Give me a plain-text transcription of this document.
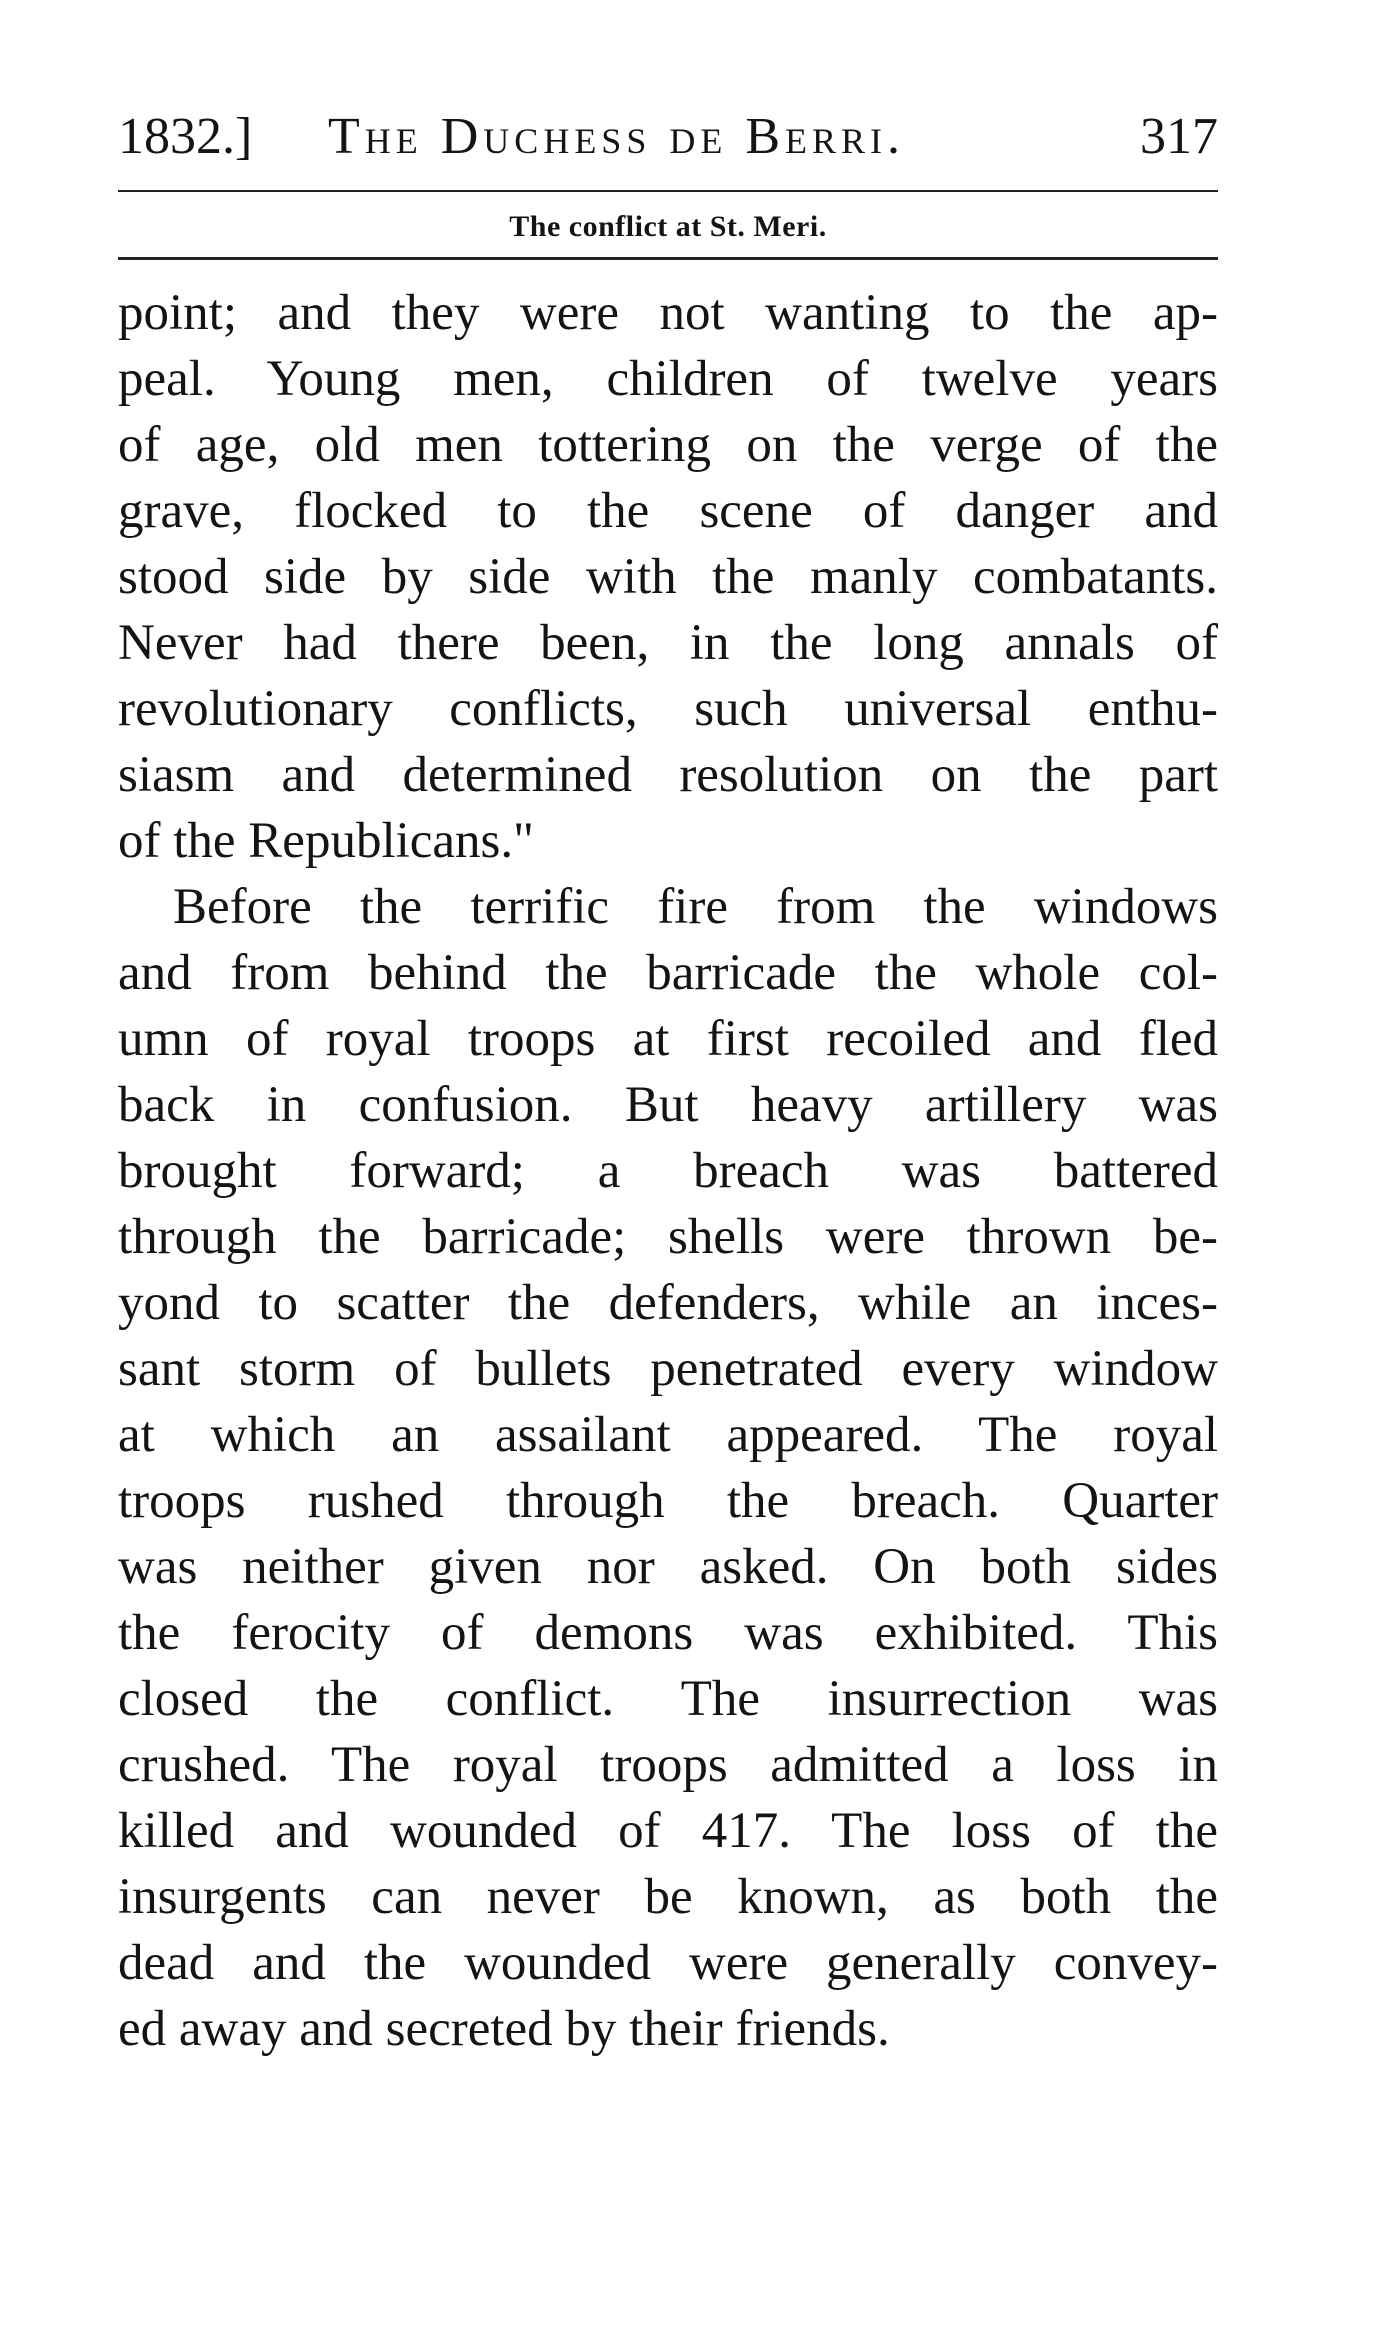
1832.] The Duchess de Berri.	317
The conflict at St. Meri.
point; and they were not wanting to the ap-
peal. Young men, children of twelve years
of age, old men tottering on the verge of the
grave, flocked to the scene of danger and
stood side by side with the manly combatants.
Never had there been, in the long annals of
revolutionary conflicts, such universal enthu-
siasm and determined resolution on the part
of the Republicans."
Before the terrific fire from the windows
and from behind the barricade the whole col-
umn of royal troops at first recoiled and fled
back in confusion. But heavy artillery was
brought forward; a breach was battered
through the barricade; shells were thrown be-
yond to scatter the defenders, while an inces-
sant storm of bullets penetrated every window
at which an assailant appeared. The royal
troops rushed through the breach. Quarter
was neither given nor asked. On both sides
the ferocity of demons was exhibited. This
closed the conflict. The insurrection was
crushed. The royal troops admitted a loss in
killed and wounded of 417. The loss of the
insurgents can never be known, as both the
dead and the wounded were generally convey-
ed away and secreted by their friends.
